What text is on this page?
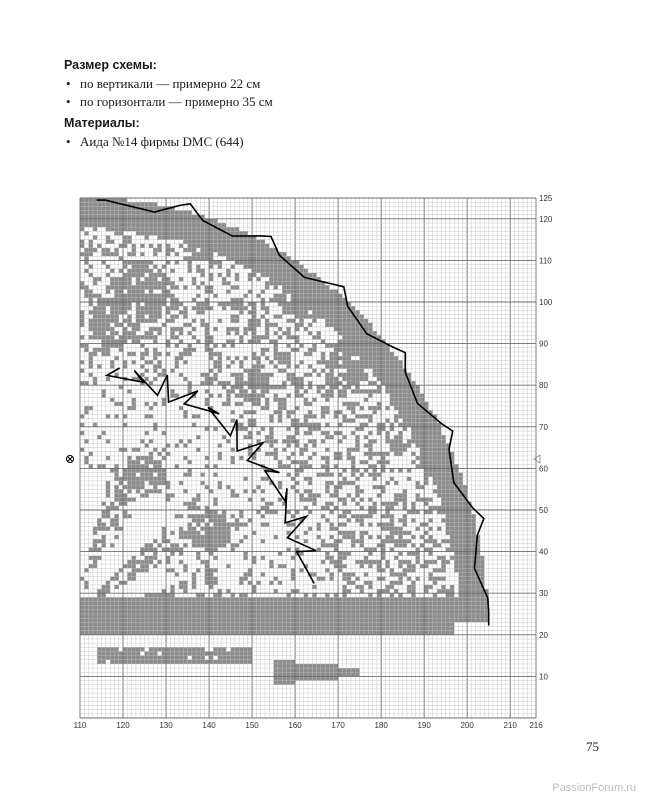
Размер схемы:
• по вертикали — примерно 22 см
• по горизонтали — примерно 35 см
Материалы:
• Аида №14 фирмы DMC (644)
110	120	130	140	150	160	170	180	190	200	210 216
125
120
110
100
90
80
70
60
50
40
30
20
10
75
PassionForum.ru
